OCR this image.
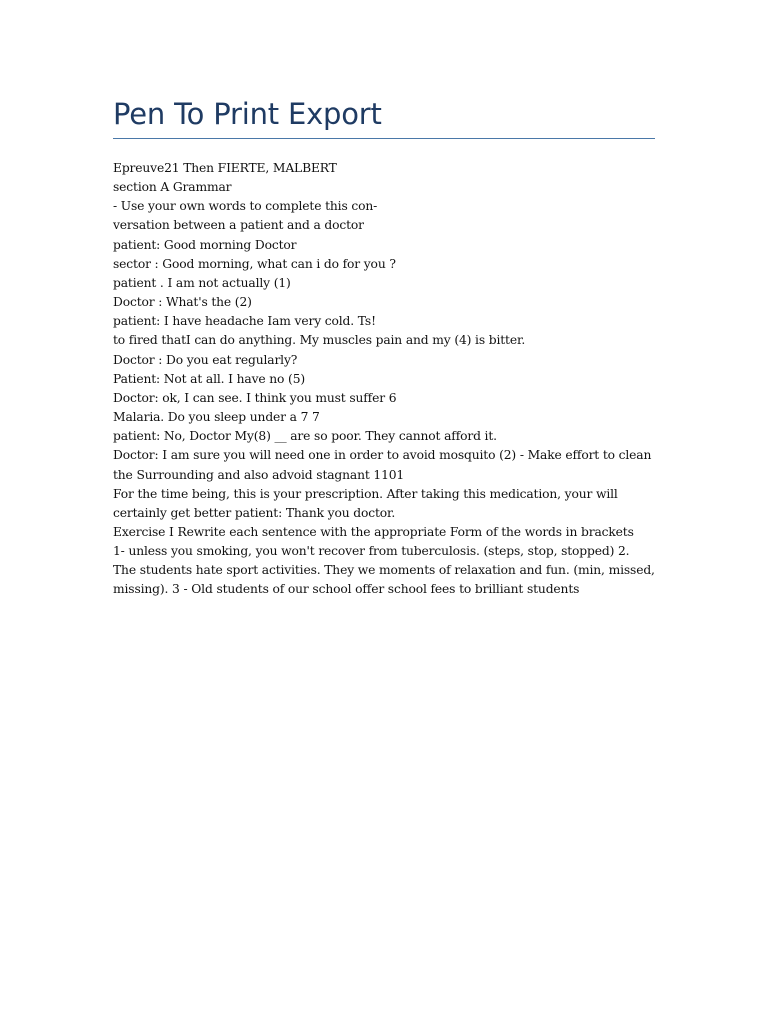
Pen To Print Export
Epreuve21 Then FIERTE, MALBERT
section A Grammar
- Use your own words to complete this con-
versation between a patient and a doctor
patient: Good morning Doctor
sector : Good morning, what can i do for you ?
patient . I am not actually (1)
Doctor : What's the (2)
patient: I have headache Iam very cold. Ts!
to fired thatI can do anything. My muscles pain and my (4) is bitter.
Doctor : Do you eat regularly?
Patient: Not at all. I have no (5)
Doctor: ok, I can see. I think you must suffer 6
Malaria. Do you sleep under a 7 7
patient: No, Doctor My(8) __ are so poor. They cannot afford it.
Doctor: I am sure you will need one in order to avoid mosquito (2) - Make effort to clean the Surrounding and also advoid stagnant 1101
For the time being, this is your prescription. After taking this medication, your will certainly get better patient: Thank you doctor.
Exercise I Rewrite each sentence with the appropriate Form of the words in brackets
1- unless you smoking, you won't recover from tuberculosis. (steps, stop, stopped) 2. The students hate sport activities. They we moments of relaxation and fun. (min, missed, missing). 3 - Old students of our school offer school fees to brilliant students
